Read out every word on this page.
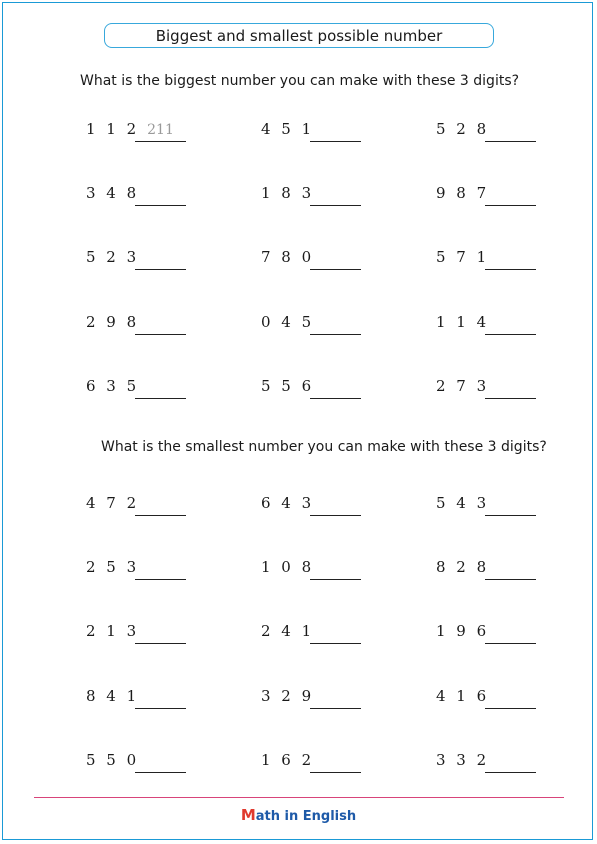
Biggest and smallest possible number
What is the biggest number you can make with these 3 digits?
1 1 2 211	4 5 1	5 2 8
3 4 8	1 8 3	9 8 7
5 2 3	7 8 0	5 7 1
2 9 8	0 4 5	1 1 4
6 3 5	5 5 6	2 7 3
What is the smallest number you can make with these 3 digits?
4 7 2	6 4 3	5 4 3
2 5 3	1 0 8	8 2 8
2 1 3	2 4 1	1 9 6
8 4 1	3 2 9	4 1 6
5 5 0	1 6 2	3 3 2
Math in English
